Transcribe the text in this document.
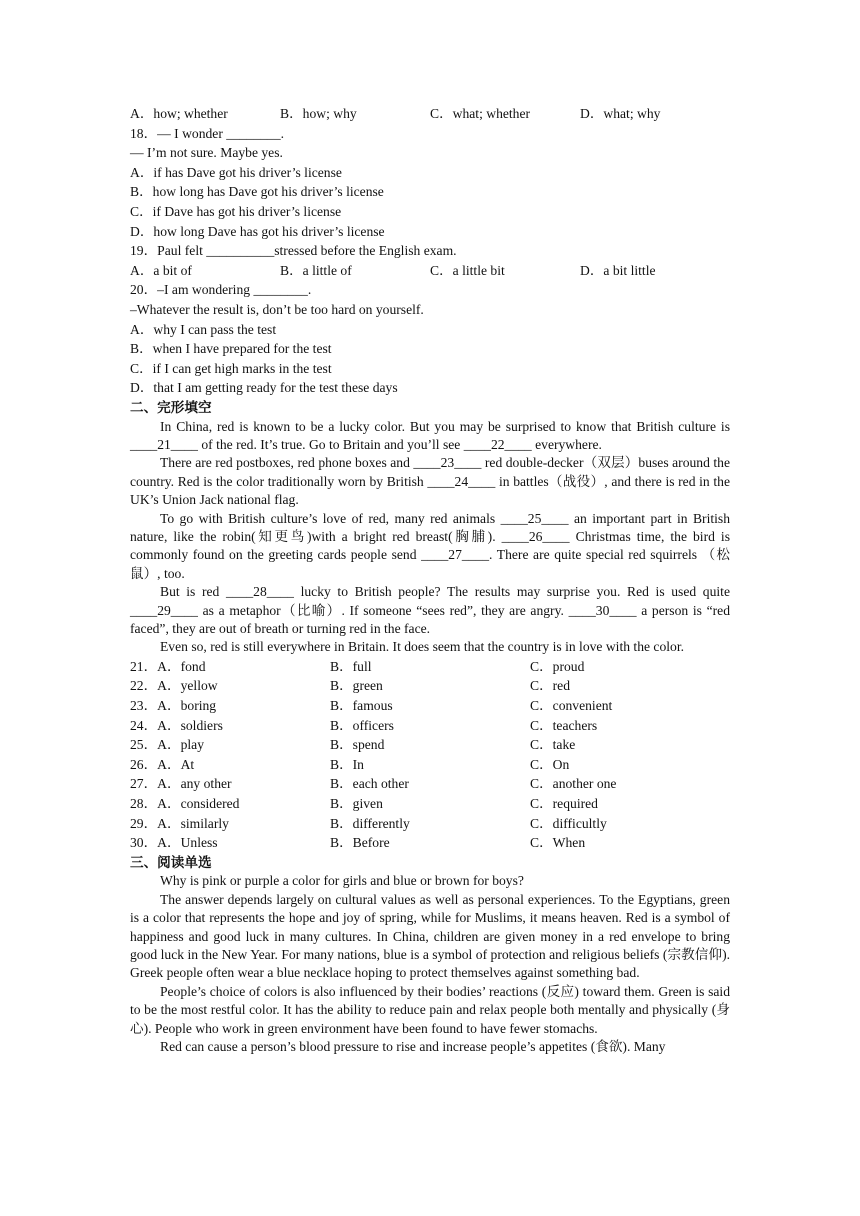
A．how; whether	B．how; why	C．what; whether	D．what; why
18．— I wonder ________.
— I’m not sure. Maybe yes.
A．if has Dave got his driver’s license
B．how long has Dave got his driver’s license
C．if Dave has got his driver’s license
D．how long Dave has got his driver’s license
19．Paul felt __________stressed before the English exam.
A．a bit of	B．a little of	C．a little bit	D．a bit little
20．–I am wondering ________.
–Whatever the result is, don’t be too hard on yourself.
A．why I can pass the test
B．when I have prepared for the test
C．if I can get high marks in the test
D．that I am getting ready for the test these days
二、完形填空

In China, red is known to be a lucky color. But you may be surprised to know that British culture is ____21____ of the red. It’s true. Go to Britain and you’ll see ____22____ everywhere.

There are red postboxes, red phone boxes and ____23____ red double-decker（双层）buses around the country. Red is the color traditionally worn by British ____24____ in battles（战役）, and there is red in the UK’s Union Jack national flag.

To go with British culture’s love of red, many red animals ____25____ an important part in British nature, like the robin(知更鸟)with a bright red breast(胸脯). ____26____ Christmas time, the bird is commonly found on the greeting cards people send ____27____. There are quite special red squirrels （松鼠）, too.

But is red ____28____ lucky to British people? The results may surprise you. Red is used quite ____29____ as a metaphor（比喻）. If someone “sees red”, they are angry. ____30____ a person is “red faced”, they are out of breath or turning red in the face.

Even so, red is still everywhere in Britain. It does seem that the country is in love with the color.

21．A．fond	B．full	C．proud
22．A．yellow	B．green	C．red
23．A．boring	B．famous	C．convenient
24．A．soldiers	B．officers	C．teachers
25．A．play	B．spend	C．take
26．A．At	B．In	C．On
27．A．any other	B．each other	C．another one
28．A．considered	B．given	C．required
29．A．similarly	B．differently	C．difficultly
30．A．Unless	B．Before	C．When
三、阅读单选

Why is pink or purple a color for girls and blue or brown for boys?

The answer depends largely on cultural values as well as personal experiences. To the Egyptians, green is a color that represents the hope and joy of spring, while for Muslims, it means heaven. Red is a symbol of happiness and good luck in many cultures. In China, children are given money in a red envelope to bring good luck in the New Year. For many nations, blue is a symbol of protection and religious beliefs (宗教信仰). Greek people often wear a blue necklace hoping to protect themselves against something bad.

People’s choice of colors is also influenced by their bodies’ reactions (反应) toward them. Green is said to be the most restful color. It has the ability to reduce pain and relax people both mentally and physically (身心). People who work in green environment have been found to have fewer stomachs.

Red can cause a person’s blood pressure to rise and increase people’s appetites (食欲). Many
